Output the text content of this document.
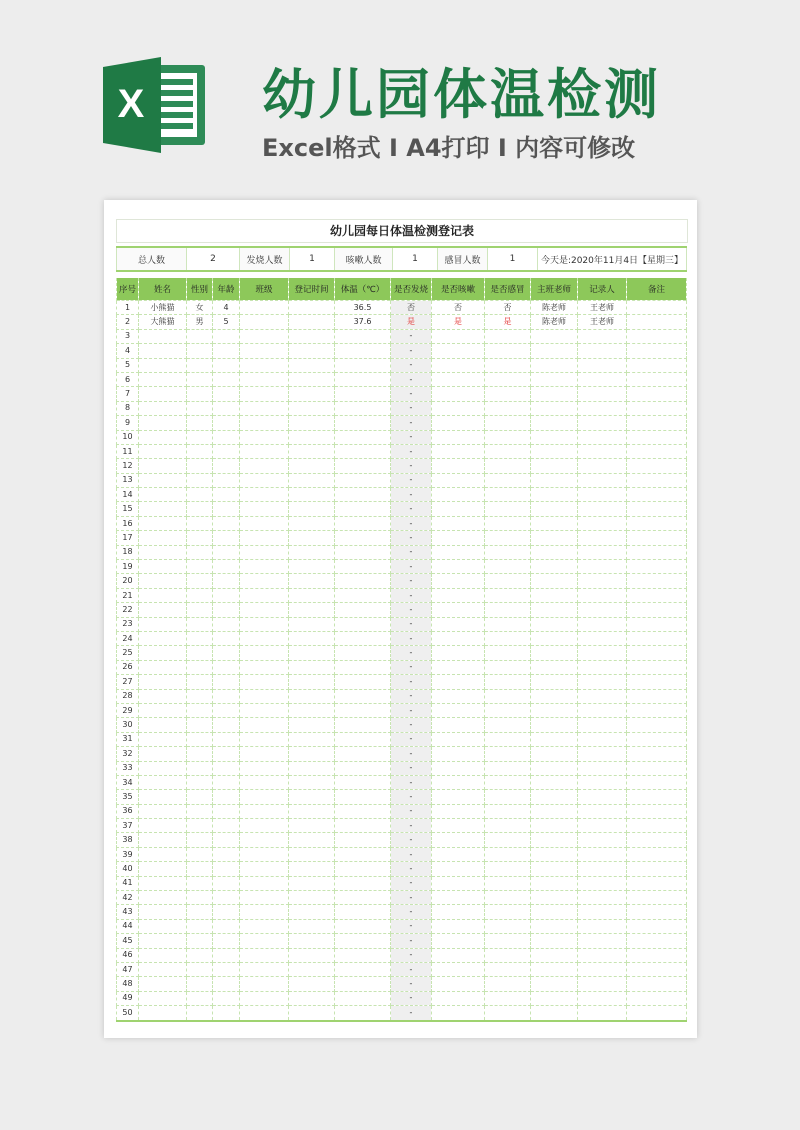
X 幼儿园体温检测
Excel格式 I A4打印 I 内容可修改
幼儿园每日体温检测登记表
总人数	2	发烧人数	1	咳嗽人数	1	感冒人数	1	今天是:2020年11月4日【星期三】
序号	姓名	性别	年龄	班级	登记时间	体温（℃）	是否发烧	是否咳嗽	是否感冒	主班老师	记录人	备注
1	小熊猫	女	4			36.5	否	否	否	陈老师	王老师	
2	大熊猫	男	5			37.6	是	是	是	陈老师	王老师	
3							-					
4							-					
5							-					
6							-					
7							-					
8							-					
9							-					
10							-					
11							-					
12							-					
13							-					
14							-					
15							-					
16							-					
17							-					
18							-					
19							-					
20							-					
21							-					
22							-					
23							-					
24							-					
25							-					
26							-					
27							-					
28							-					
29							-					
30							-					
31							-					
32							-					
33							-					
34							-					
35							-					
36							-					
37							-					
38							-					
39							-					
40							-					
41							-					
42							-					
43							-					
44							-					
45							-					
46							-					
47							-					
48							-					
49							-					
50							-					
